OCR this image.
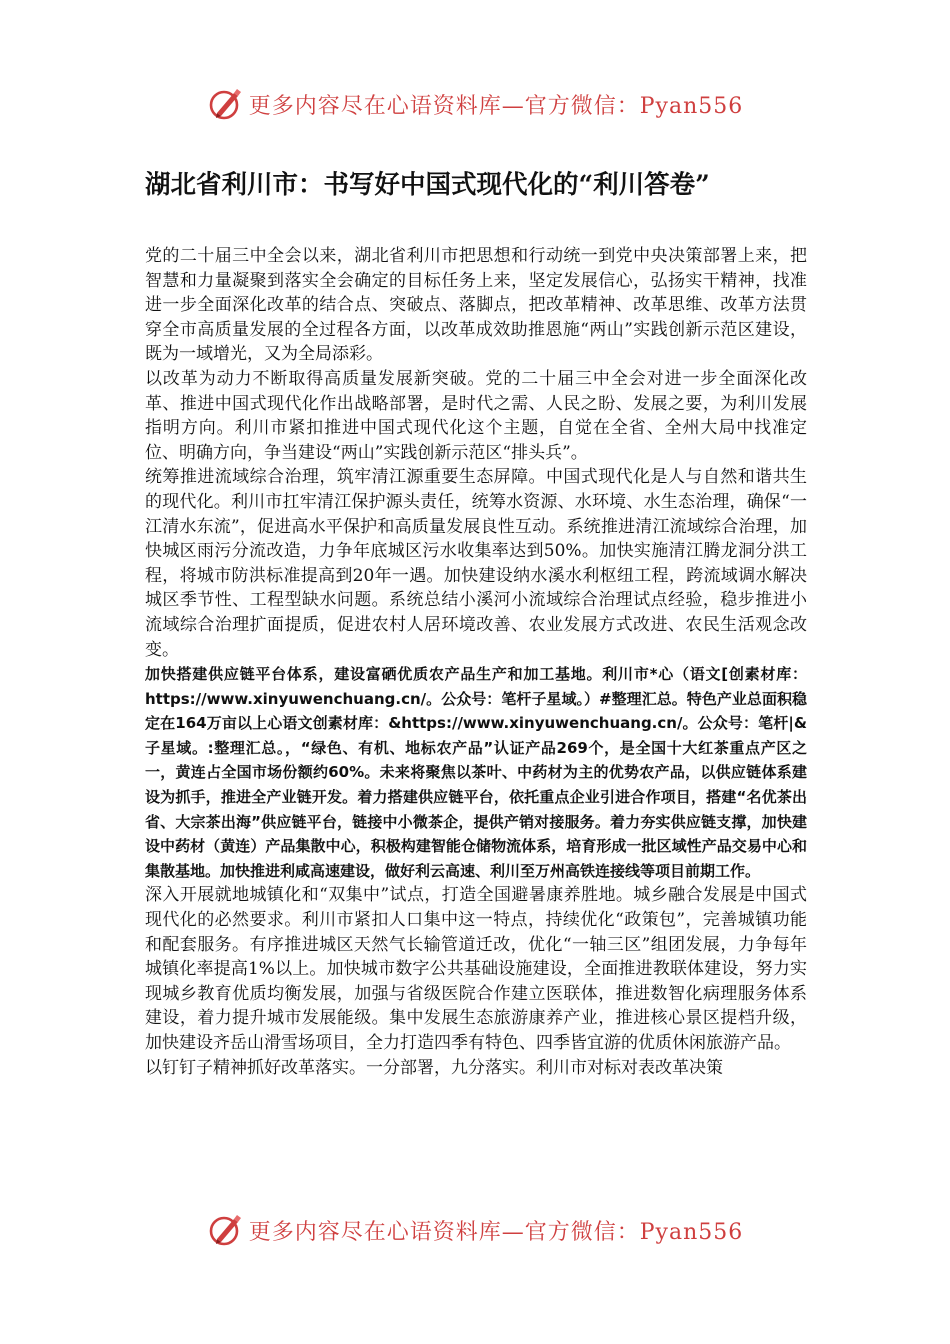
更多内容尽在心语资料库—官方微信：Pyan556
湖北省利川市：书写好中国式现代化的“利川答卷”

党的二十届三中全会以来，湖北省利川市把思想和行动统一到党中央决策部署上来，把智慧和力量凝聚到落实全会确定的目标任务上来，坚定发展信心，弘扬实干精神，找准进一步全面深化改革的结合点、突破点、落脚点，把改革精神、改革思维、改革方法贯穿全市高质量发展的全过程各方面，以改革成效助推恩施“两山”实践创新示范区建设，既为一域增光，又为全局添彩。

以改革为动力不断取得高质量发展新突破。党的二十届三中全会对进一步全面深化改革、推进中国式现代化作出战略部署，是时代之需、人民之盼、发展之要，为利川发展指明方向。利川市紧扣推进中国式现代化这个主题，自觉在全省、全州大局中找准定位、明确方向，争当建设“两山”实践创新示范区“排头兵”。

统筹推进流域综合治理，筑牢清江源重要生态屏障。中国式现代化是人与自然和谐共生的现代化。利川市扛牢清江保护源头责任，统筹水资源、水环境、水生态治理，确保“一江清水东流”，促进高水平保护和高质量发展良性互动。系统推进清江流域综合治理，加快城区雨污分流改造，力争年底城区污水收集率达到50%。加快实施清江腾龙洞分洪工程，将城市防洪标准提高到20年一遇。加快建设纳水溪水利枢纽工程，跨流域调水解决城区季节性、工程型缺水问题。系统总结小溪河小流域综合治理试点经验，稳步推进小流域综合治理扩面提质，促进农村人居环境改善、农业发展方式改进、农民生活观念改变。

加快搭建供应链平台体系，建设富硒优质农产品生产和加工基地。利川市*心（语文[创素材库：https://www.xinyuwenchuang.cn/。公众号：笔杆子星域。）#整理汇总。特色产业总面积稳定在164万亩以上心语文创素材库：&https://www.xinyuwenchuang.cn/。公众号：笔杆|&子星域。:整理汇总。，“绿色、有机、地标农产品”认证产品269个，是全国十大红茶重点产区之一，黄连占全国市场份额约60%。未来将聚焦以茶叶、中药材为主的优势农产品，以供应链体系建设为抓手，推进全产业链开发。着力搭建供应链平台，依托重点企业引进合作项目，搭建“名优茶出省、大宗茶出海”供应链平台，链接中小微茶企，提供产销对接服务。着力夯实供应链支撑，加快建设中药材（黄连）产品集散中心，积极构建智能仓储物流体系，培育形成一批区域性产品交易中心和集散基地。加快推进利咸高速建设，做好利云高速、利川至万州高铁连接线等项目前期工作。

深入开展就地城镇化和“双集中”试点，打造全国避暑康养胜地。城乡融合发展是中国式现代化的必然要求。利川市紧扣人口集中这一特点，持续优化“政策包”，完善城镇功能和配套服务。有序推进城区天然气长输管道迁改，优化“一轴三区”组团发展，力争每年城镇化率提高1%以上。加快城市数字公共基础设施建设，全面推进教联体建设，努力实现城乡教育优质均衡发展，加强与省级医院合作建立医联体，推进数智化病理服务体系建设，着力提升城市发展能级。集中发展生态旅游康养产业，推进核心景区提档升级，加快建设齐岳山滑雪场项目，全力打造四季有特色、四季皆宜游的优质休闲旅游产品。

以钉钉子精神抓好改革落实。一分部署，九分落实。利川市对标对表改革决策

更多内容尽在心语资料库—官方微信：Pyan556
